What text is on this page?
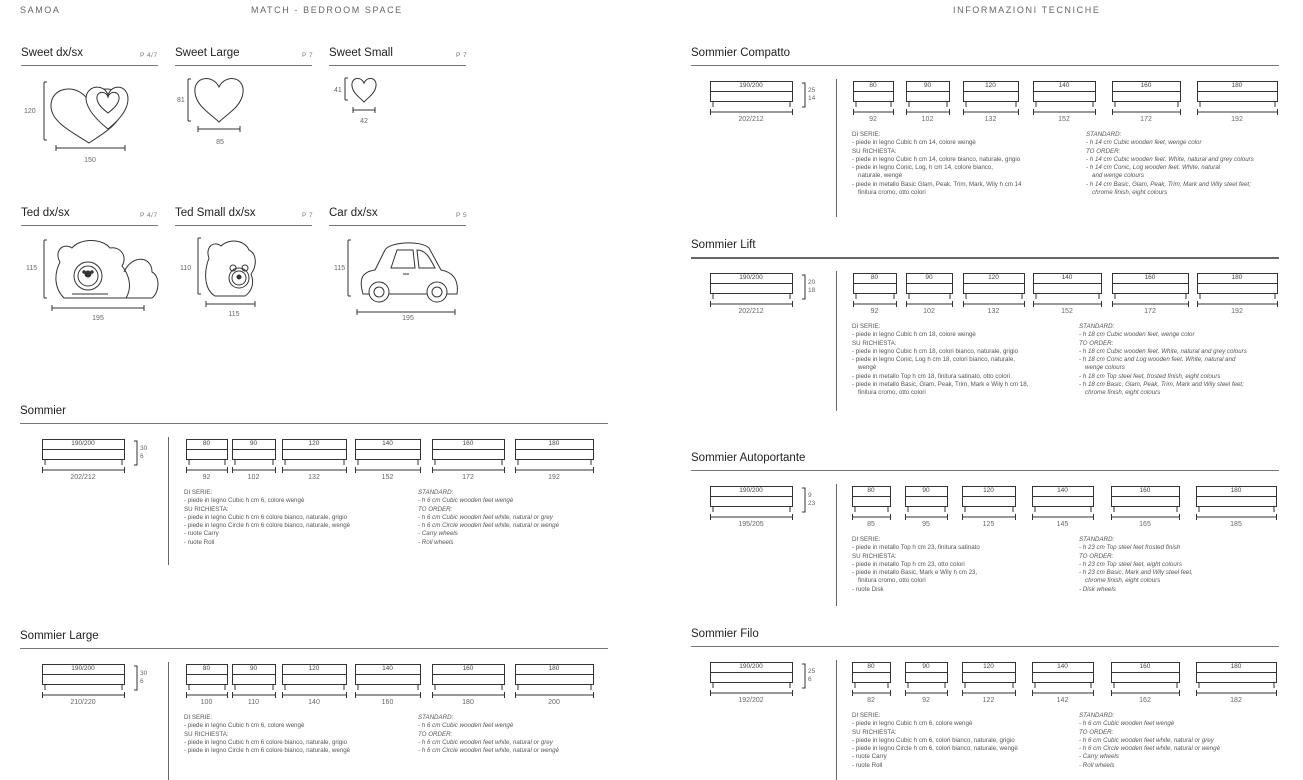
SAMOA	MATCH - BEDROOM SPACE	INFORMAZIONI TECNICHE
Sweet dx/sx	P 4/7
120
150
Sweet Large	P 7
81
85
Sweet Small	P 7
41
42
Ted dx/sx	P 4/7
115
195
Ted Small dx/sx	P 7
110
115
Car dx/sx	P 5
115
195
Sommier
190/200
202/212
30
6
80
92
90
102
120
132
140
152
160
172
180
192
DI SERIE:
- piede in legno Cubic h cm 6, colore wengè
SU RICHIESTA:
- piede in legno Cubic h cm 6 colore bianco, naturale, grigio
- piede in legno Circle h cm 6 colore bianco, naturale, wengè
- ruote Carry
- ruote Roll
STANDARD:
- h 6 cm Cubic wooden feet wengè
TO ORDER:
- h 6 cm Cubic wooden feet white, natural or grey
- h 6 cm Circle wooden feet white, natural or wengè
- Carry wheels
- Roll wheels
Sommier Large
190/200
210/220
30
6
80
100
90
110
120
140
140
160
160
180
180
200
DI SERIE:
- piede in legno Cubic h cm 6, colore wengè
SU RICHIESTA:
- piede in legno Cubic h cm 6 colore bianco, naturale, grigio
- piede in legno Circle h cm 6 colore bianco, naturale, wengè
STANDARD:
- h 6 cm Cubic wooden feet wengè
TO ORDER:
- h 6 cm Cubic wooden feet white, natural or grey
- h 6 cm Circle wooden feet white, natural or wengè
Sommier Compatto
190/200
202/212
25
14
80
92
90
102
120
132
140
152
160
172
180
192
DI SERIE:
- piede in legno Cubic h cm 14, colore wengè
SU RICHIESTA:
- piede in legno Cubic h cm 14, colore bianco, naturale, grigio
- piede in legno Conic, Log, h cm 14, colore bianco,
naturale, wengè
- piede in metallo Basic Glam, Peak, Trim, Mark, Wily h cm 14
finitura cromo, otto colori
STANDARD:
- h 14 cm Cubic wooden feet, wenge color
TO ORDER:
- h 14 cm Cubic wooden feet. White, natural and grey colours
- h 14 cm Conic, Log wooden feet. White, natural
and wenge colours
- h 14 cm Basic, Glam, Peak, Trim, Mark and Wily steel feet;
chrome finish, eight colours
Sommier Lift
190/200
202/212
20
18
80
92
90
102
120
132
140
152
160
172
180
192
DI SERIE:
- piede in legno Cubic h cm 18, colore wengè
SU RICHIESTA:
- piede in legno Cubic h cm 18, colori bianco, naturale, grigio
- piede in legno Conic, Log h cm 18, colori bianco, naturale,
wengè
- piede in metallo Top h cm 18, finitura satinato, otto colori
- piede in metallo Basic, Glam, Peak, Trim, Mark e Wily h cm 18,
finitura cromo, otto colori
STANDARD:
- h 18 cm Cubic wooden feet, wenge color
TO ORDER:
- h 18 cm Cubic wooden feet. White, natural and grey colours
- h 18 cm Conic and Log wooden feet. White, natural and
wenge colours
- h 18 cm Top steel feet, frosted finish, eight colours
- h 18 cm Basic, Glam, Peak, Trim, Mark and Wily steel feet;
chrome finish, eight colours
Sommier Autoportante
190/200
195/205
9
23
80
85
90
95
120
125
140
145
160
165
180
185
DI SERIE:
- piede in metallo Top h cm 23, finitura satinato
SU RICHIESTA:
- piede in metallo Top h cm 23, otto colori
- piede in metallo Basic, Mark e Wily h cm 23,
finitura cromo, otto colori
- ruote Disk
STANDARD:
- h 23 cm Top steel feet frosted finish
TO ORDER:
- h 23 cm Top steel feet, eight colours
- h 23 cm Basic, Mark and Wily steel feet,
chrome finish, eight colours
- Disk wheels
Sommier Filo
190/200
192/202
25
6
80
82
90
92
120
122
140
142
160
162
180
182
DI SERIE:
- piede in legno Cubic h cm 6, colore wengè
SU RICHIESTA:
- piede in legno Cubic h cm 6, colori bianco, naturale, grigio
- piede in legno Circle h cm 6, colori bianco, naturale, wengè
- ruote Carry
- ruote Roll
STANDARD:
- h 6 cm Cubic wooden feet wengè
TO ORDER:
- h 6 cm Cubic wooden feet white, natural or grey
- h 6 cm Circle wooden feet white, natural or wengè
- Carry wheels
- Roll wheels
